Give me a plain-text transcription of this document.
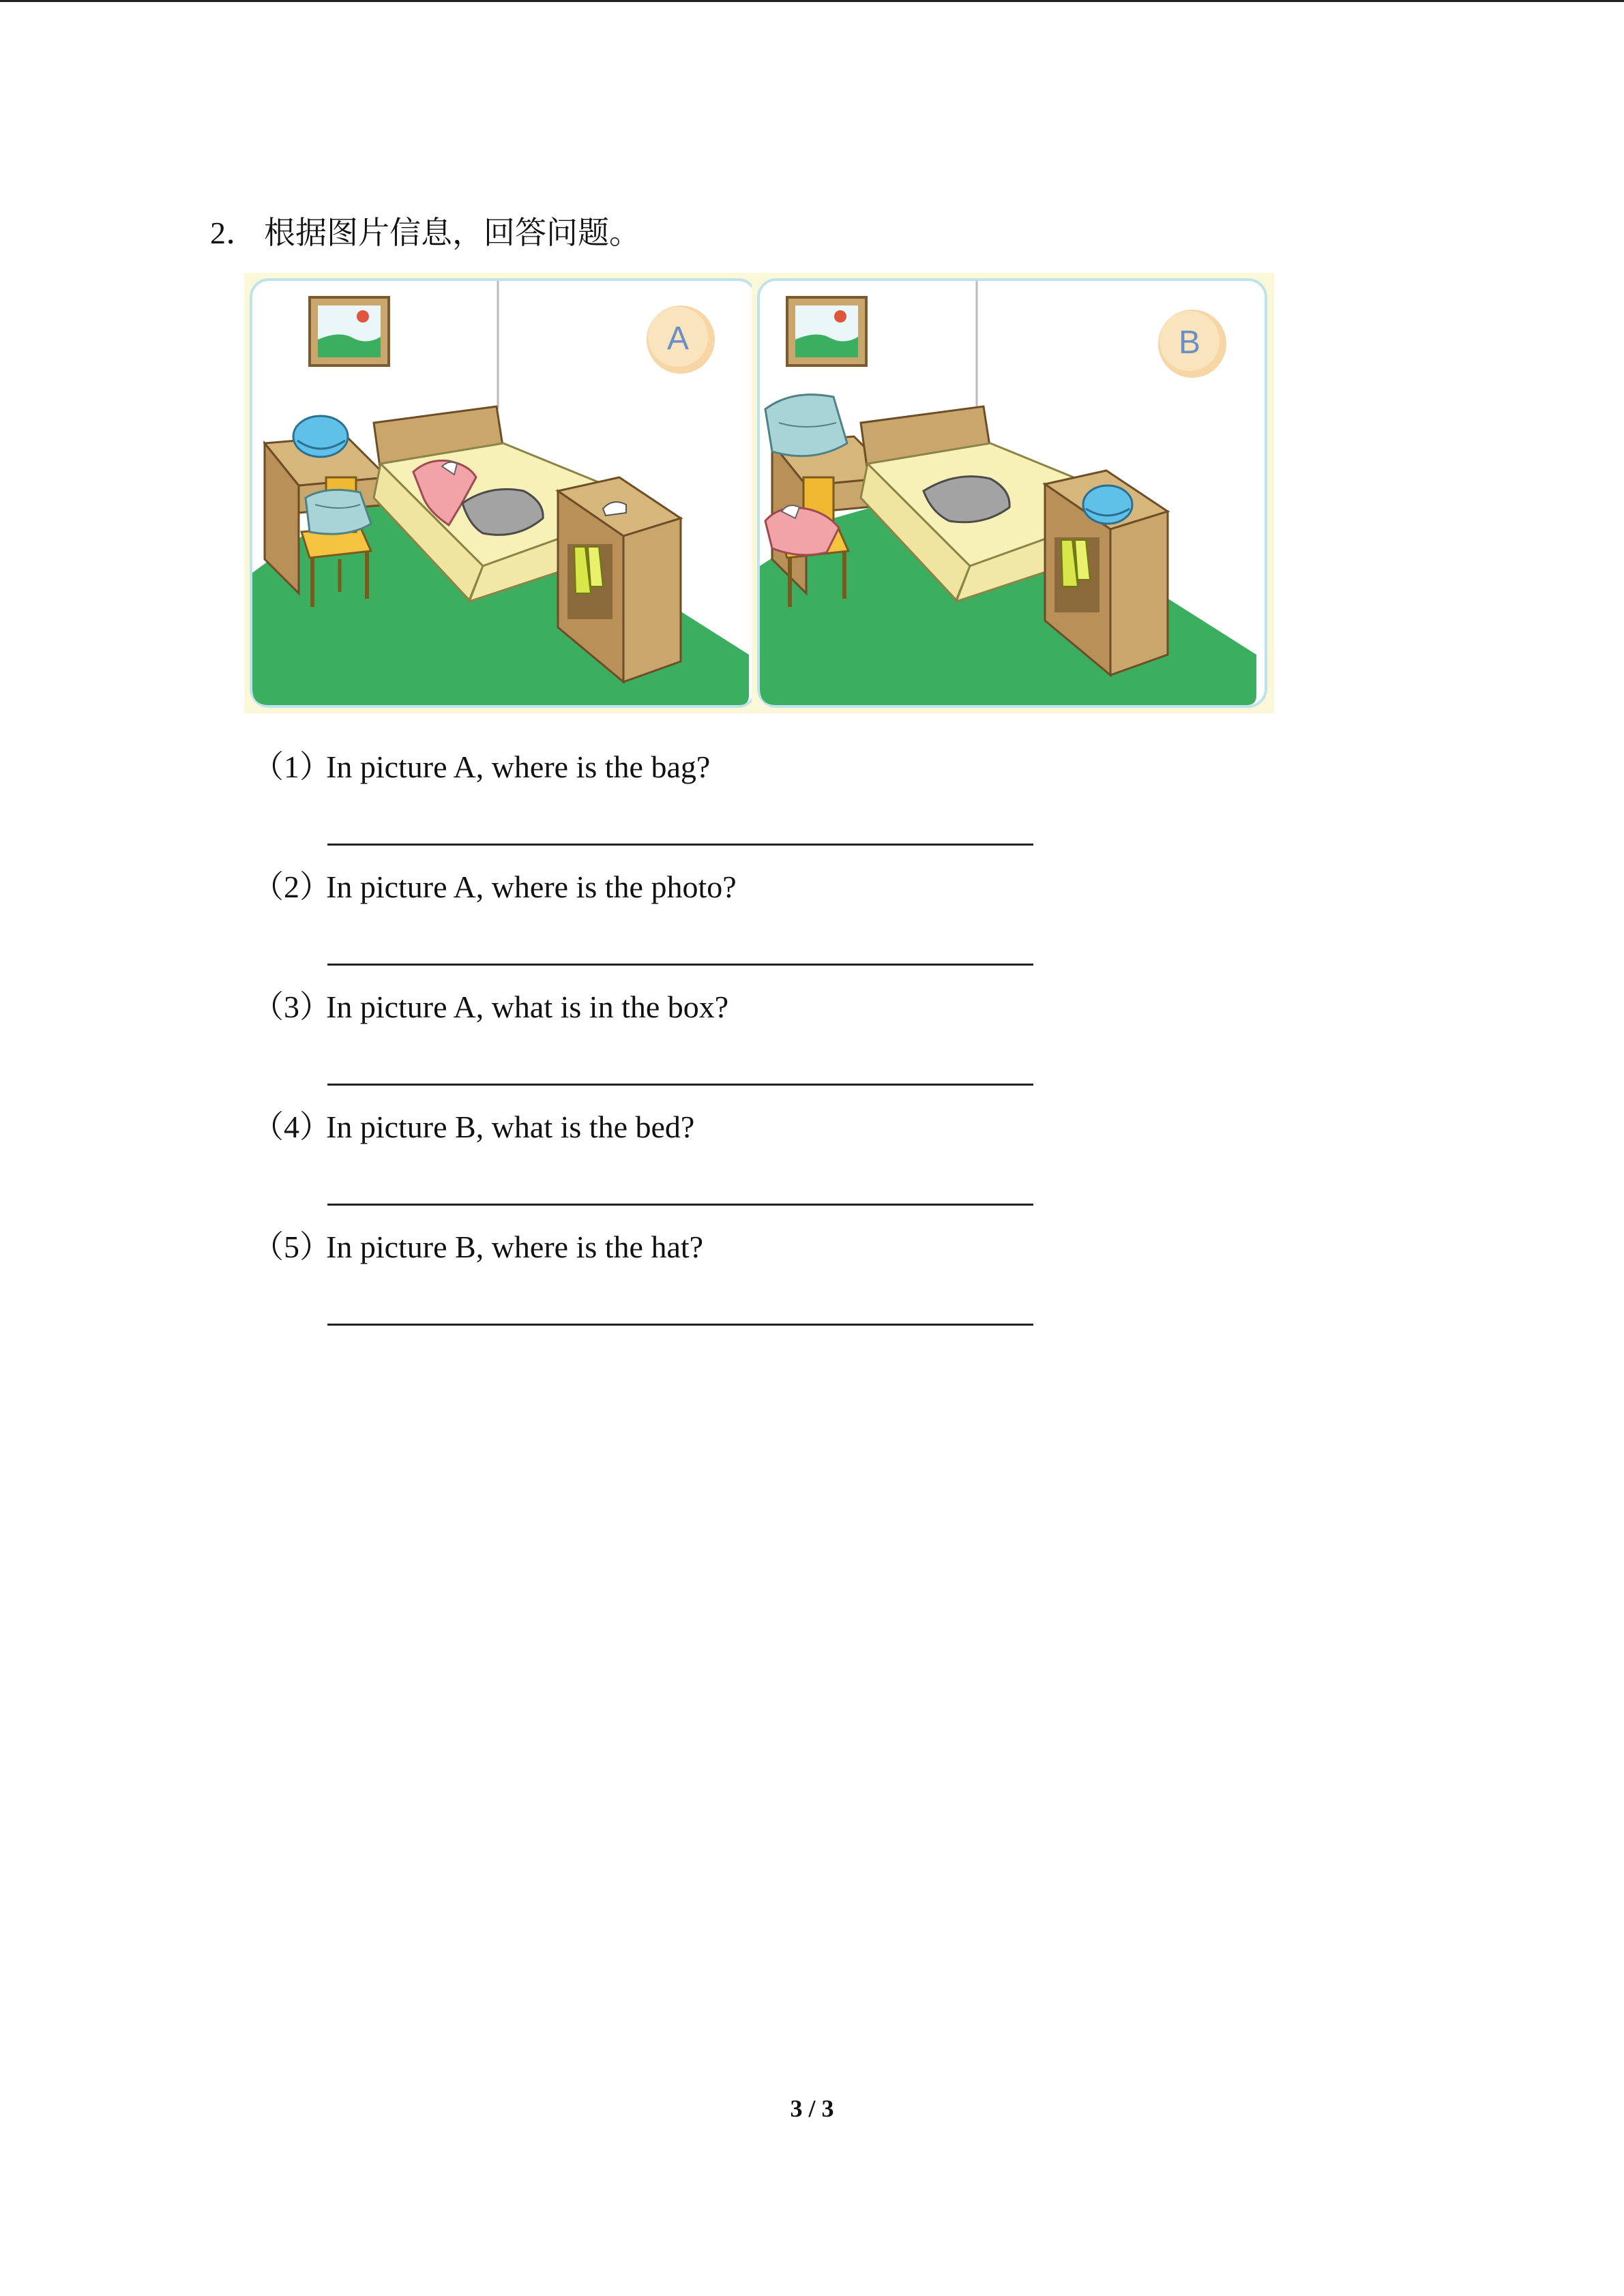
2． 根据图片信息，回答问题。
A	B
（1）In picture A, where is the bag?
（2）In picture A, where is the photo?
（3）In picture A, what is in the box?
（4）In picture B, what is the bed?
（5）In picture B, where is the hat?
3 / 3
